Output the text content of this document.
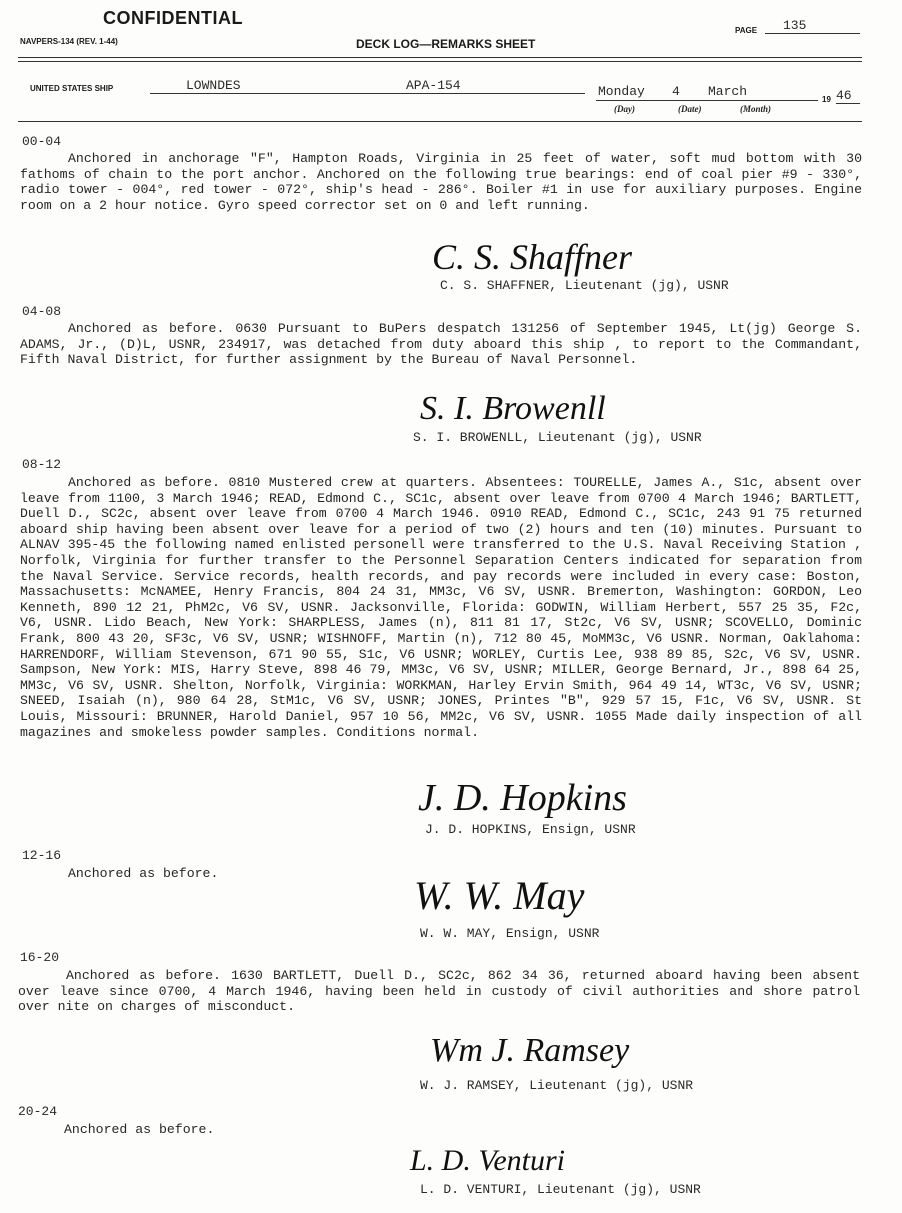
CONFIDENTIAL
NAVPERS-134 (REV. 1-44)	DECK LOG—REMARKS SHEET
PAGE	135
UNITED STATES SHIP	LOWNDES	APA-154	Monday 4 March
(Day)	(Date)	(Month)
19 46
00-04
Anchored in anchorage "F", Hampton Roads, Virginia in 25 feet of water, soft mud bottom with 30 fathoms of chain to the port anchor. Anchored on the following true bearings: end of coal pier #9 - 330°, radio tower - 004°, red tower - 072°, ship's head - 286°. Boiler #1 in use for auxiliary purposes. Engine room on a 2 hour notice. Gyro speed corrector set on 0 and left running.
C. S. Shaffner
C. S. SHAFFNER, Lieutenant (jg), USNR
04-08
Anchored as before. 0630 Pursuant to BuPers despatch 131256 of September 1945, Lt(jg) George S. ADAMS, Jr., (D)L, USNR, 234917, was detached from duty aboard this ship , to report to the Commandant, Fifth Naval District, for further assignment by the Bureau of Naval Personnel.
S. I. Browenll
S. I. BROWENLL, Lieutenant (jg), USNR
08-12
Anchored as before. 0810 Mustered crew at quarters. Absentees: TOURELLE, James A., S1c, absent over leave from 1100, 3 March 1946; READ, Edmond C., SC1c, absent over leave from 0700 4 March 1946; BARTLETT, Duell D., SC2c, absent over leave from 0700 4 March 1946. 0910 READ, Edmond C., SC1c, 243 91 75 returned aboard ship having been absent over leave for a period of two (2) hours and ten (10) minutes. Pursuant to ALNAV 395-45 the following named enlisted personell were transferred to the U.S. Naval Receiving Station , Norfolk, Virginia for further transfer to the Personnel Separation Centers indicated for separation from the Naval Service. Service records, health records, and pay records were included in every case: Boston, Massachusetts: McNAMEE, Henry Francis, 804 24 31, MM3c, V6 SV, USNR. Bremerton, Washington: GORDON, Leo Kenneth, 890 12 21, PhM2c, V6 SV, USNR. Jacksonville, Florida: GODWIN, William Herbert, 557 25 35, F2c, V6, USNR. Lido Beach, New York: SHARPLESS, James (n), 811 81 17, St2c, V6 SV, USNR; SCOVELLO, Dominic Frank, 800 43 20, SF3c, V6 SV, USNR; WISHNOFF, Martin (n), 712 80 45, MoMM3c, V6 USNR. Norman, Oaklahoma: HARRENDORF, William Stevenson, 671 90 55, S1c, V6 USNR; WORLEY, Curtis Lee, 938 89 85, S2c, V6 SV, USNR. Sampson, New York: MIS, Harry Steve, 898 46 79, MM3c, V6 SV, USNR; MILLER, George Bernard, Jr., 898 64 25, MM3c, V6 SV, USNR. Shelton, Norfolk, Virginia: WORKMAN, Harley Ervin Smith, 964 49 14, WT3c, V6 SV, USNR; SNEED, Isaiah (n), 980 64 28, StM1c, V6 SV, USNR; JONES, Printes "B", 929 57 15, F1c, V6 SV, USNR. St Louis, Missouri: BRUNNER, Harold Daniel, 957 10 56, MM2c, V6 SV, USNR. 1055 Made daily inspection of all magazines and smokeless powder samples. Conditions normal.
J. D. Hopkins
J. D. HOPKINS, Ensign, USNR
12-16
Anchored as before.	W. W. May
W. W. MAY, Ensign, USNR
16-20
Anchored as before. 1630 BARTLETT, Duell D., SC2c, 862 34 36, returned aboard having been absent over leave since 0700, 4 March 1946, having been held in custody of civil authorities and shore patrol over nite on charges of misconduct.
Wm J. Ramsey
W. J. RAMSEY, Lieutenant (jg), USNR
20-24
Anchored as before.
L. D. Venturi
L. D. VENTURI, Lieutenant (jg), USNR
